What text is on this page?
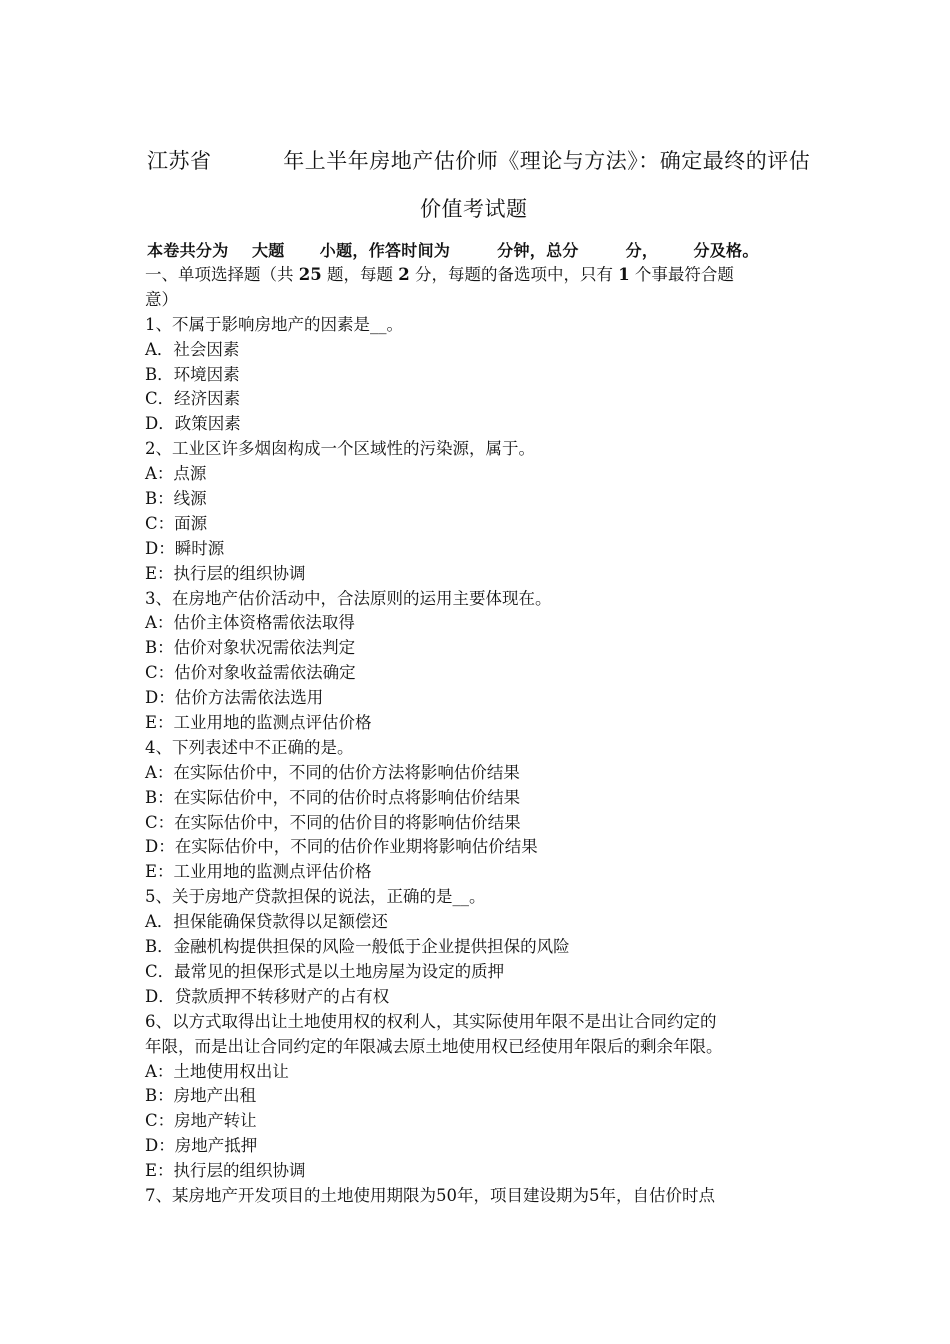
江苏省          年上半年房地产估价师《理论与方法》：确定最终的评估
价值考试题
本卷共分为    大题      小题，作答时间为        分钟，总分        分，      分及格。
一、单项选择题（共 25 题，每题 2 分，每题的备选项中，只有 1 个事最符合题
意）
1、不属于影响房地产的因素是__。
A．社会因素
B．环境因素
C．经济因素
D．政策因素
2、工业区许多烟囱构成一个区域性的污染源，属于。
A：点源
B：线源
C：面源
D：瞬时源
E：执行层的组织协调
3、在房地产估价活动中，合法原则的运用主要体现在。
A：估价主体资格需依法取得
B：估价对象状况需依法判定
C：估价对象收益需依法确定
D：估价方法需依法选用
E：工业用地的监测点评估价格
4、下列表述中不正确的是。
A：在实际估价中，不同的估价方法将影响估价结果
B：在实际估价中，不同的估价时点将影响估价结果
C：在实际估价中，不同的估价目的将影响估价结果
D：在实际估价中，不同的估价作业期将影响估价结果
E：工业用地的监测点评估价格
5、关于房地产贷款担保的说法，正确的是__。
A．担保能确保贷款得以足额偿还
B．金融机构提供担保的风险一般低于企业提供担保的风险
C．最常见的担保形式是以土地房屋为设定的质押
D．贷款质押不转移财产的占有权
6、以方式取得出让土地使用权的权利人，其实际使用年限不是出让合同约定的
年限，而是出让合同约定的年限减去原土地使用权已经使用年限后的剩余年限。
A：土地使用权出让
B：房地产出租
C：房地产转让
D：房地产抵押
E：执行层的组织协调
7、某房地产开发项目的土地使用期限为50年，项目建设期为5年，自估价时点
